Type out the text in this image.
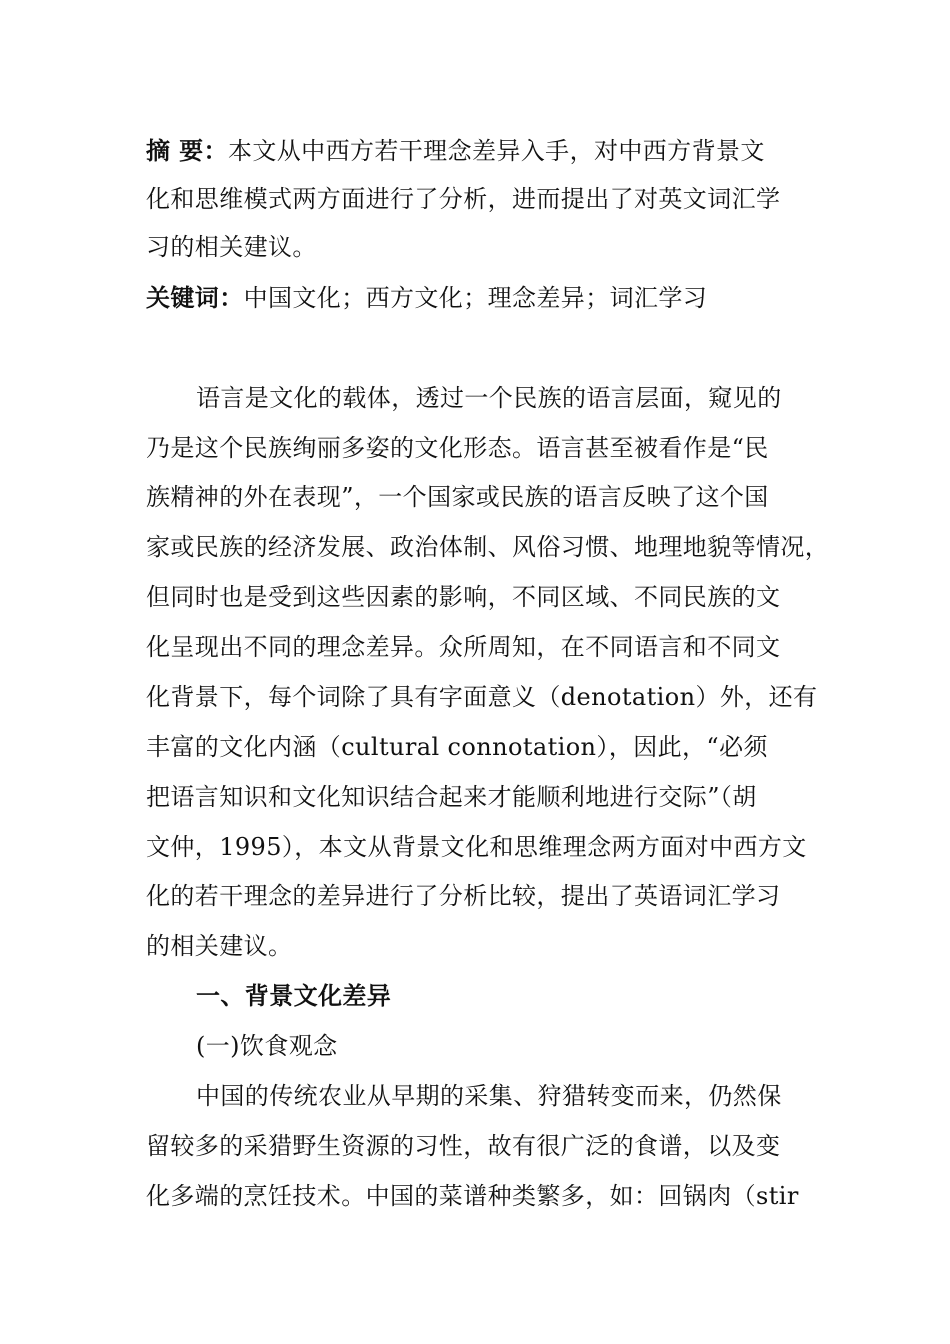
摘 要：本文从中西方若干理念差异入手，对中西方背景文
化和思维模式两方面进行了分析，进而提出了对英文词汇学
习的相关建议。
关键词：中国文化；西方文化；理念差异；词汇学习
语言是文化的载体，透过一个民族的语言层面，窥见的
乃是这个民族绚丽多姿的文化形态。语言甚至被看作是“民
族精神的外在表现”，一个国家或民族的语言反映了这个国
家或民族的经济发展、政治体制、风俗习惯、地理地貌等情况，
但同时也是受到这些因素的影响，不同区域、不同民族的文
化呈现出不同的理念差异。众所周知，在不同语言和不同文
化背景下，每个词除了具有字面意义（denotation）外，还有
丰富的文化内涵（cultural connotation），因此，“必须
把语言知识和文化知识结合起来才能顺利地进行交际”（胡
文仲，1995），本文从背景文化和思维理念两方面对中西方文
化的若干理念的差异进行了分析比较，提出了英语词汇学习
的相关建议。
一、背景文化差异
(一)饮食观念
中国的传统农业从早期的采集、狩猎转变而来，仍然保
留较多的采猎野生资源的习性，故有很广泛的食谱，以及变
化多端的烹饪技术。中国的菜谱种类繁多，如：回锅肉（stir
